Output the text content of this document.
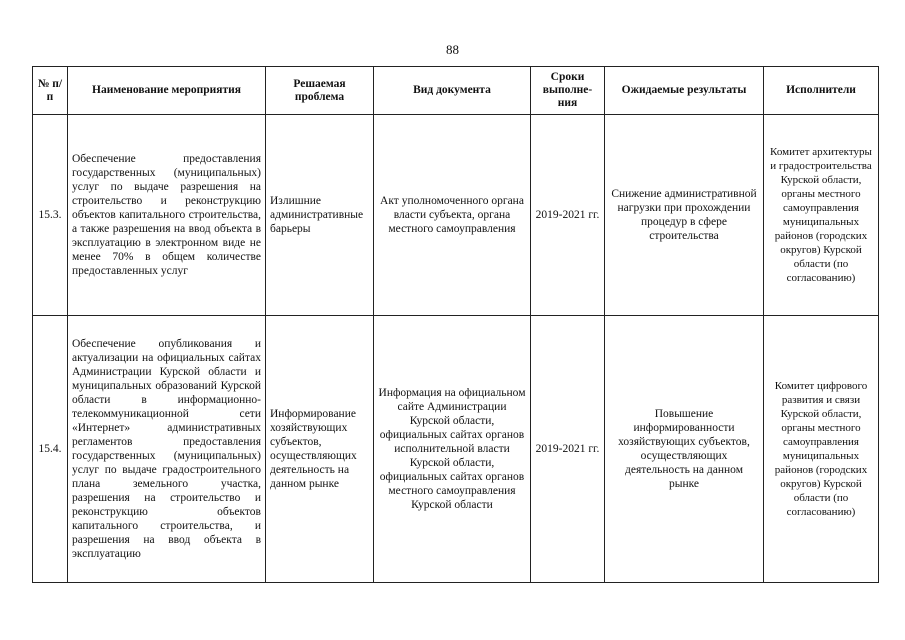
88
№ п/п	Наименование мероприятия	Решаемая проблема	Вид документа	Сроки выполне-ния	Ожидаемые результаты	Исполнители
15.3.	Обеспечение предоставления государственных (муниципальных) услуг по выдаче разрешения на строительство и реконструкцию объектов капитального строительства, а также разрешения на ввод объекта в эксплуатацию в электронном виде не менее 70% в общем количестве предоставленных услуг	Излишние административные барьеры	Акт уполномоченного органа власти субъекта, органа местного самоуправления	2019-2021 гг.	Снижение административной нагрузки при прохождении процедур в сфере строительства	Комитет архитектуры и градостроительства Курской области, органы местного самоуправления муниципальных районов (городских округов) Курской области (по согласованию)
15.4.	Обеспечение опубликования и актуализации на официальных сайтах Администрации Курской области и муниципальных образований Курской области в информационно-телекоммуникационной сети «Интернет» административных регламентов предоставления государственных (муниципальных) услуг по выдаче градостроительного плана земельного участка, разрешения на строительство и реконструкцию объектов капитального строительства, и разрешения на ввод объекта в эксплуатацию	Информирование хозяйствующих субъектов, осуществляющих деятельность на данном рынке	Информация на официальном сайте Администрации Курской области, официальных сайтах органов исполнительной власти Курской области, официальных сайтах органов местного самоуправления Курской области	2019-2021 гг.	Повышение информированности хозяйствующих субъектов, осуществляющих деятельность на данном рынке	Комитет цифрового развития и связи Курской области, органы местного самоуправления муниципальных районов (городских округов) Курской области (по согласованию)
